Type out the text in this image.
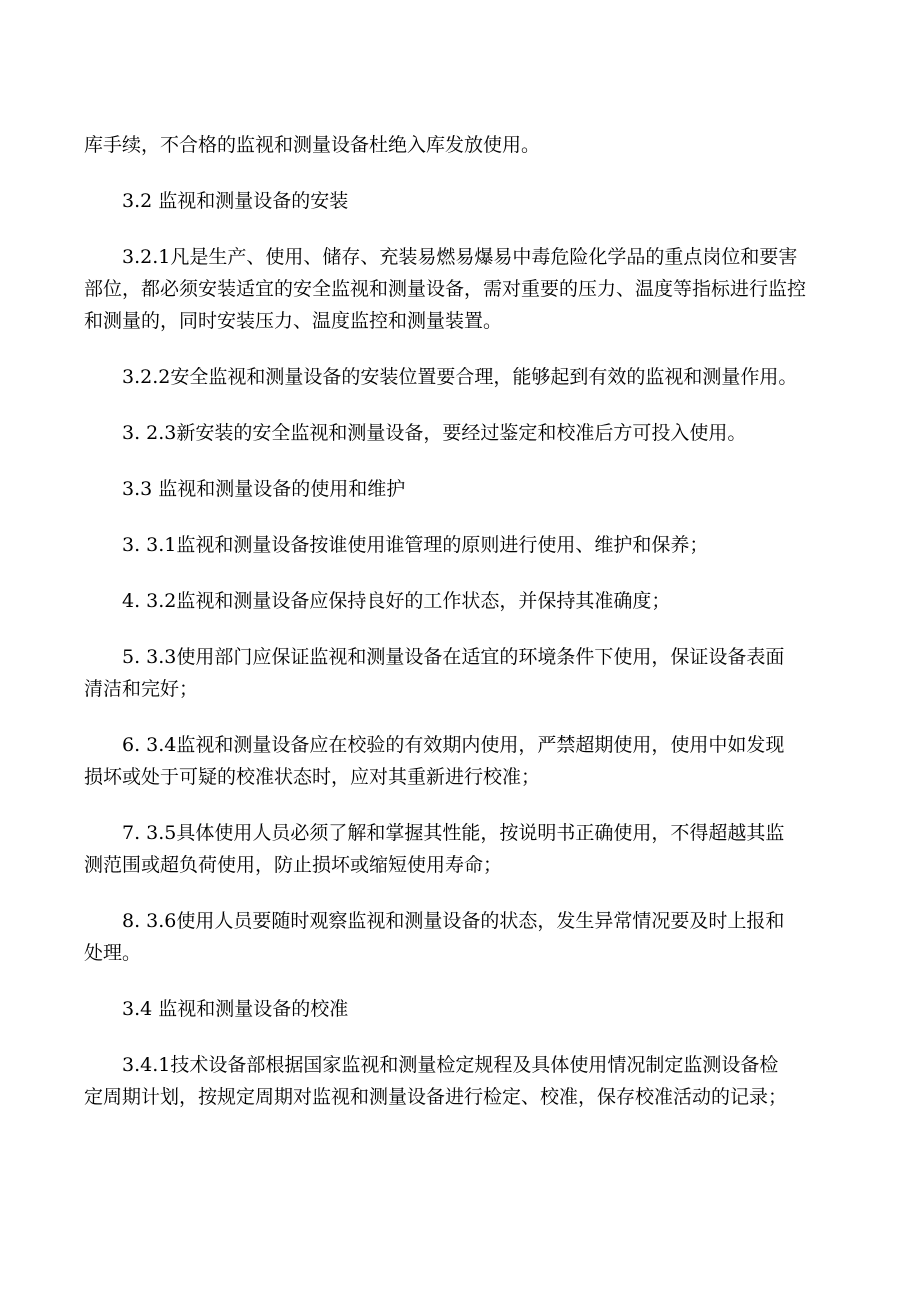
库手续，不合格的监视和测量设备杜绝入库发放使用。

3.2 监视和测量设备的安装

3.2.1凡是生产、使用、储存、充装易燃易爆易中毒危险化学品的重点岗位和要害

部位，都必须安装适宜的安全监视和测量设备，需对重要的压力、温度等指标进行监控

和测量的，同时安装压力、温度监控和测量装置。

3.2.2安全监视和测量设备的安装位置要合理，能够起到有效的监视和测量作用。

3. 2.3新安装的安全监视和测量设备，要经过鉴定和校准后方可投入使用。

3.3 监视和测量设备的使用和维护

3. 3.1监视和测量设备按谁使用谁管理的原则进行使用、维护和保养；

4. 3.2监视和测量设备应保持良好的工作状态，并保持其准确度；

5. 3.3使用部门应保证监视和测量设备在适宜的环境条件下使用，保证设备表面

清洁和完好；

6. 3.4监视和测量设备应在校验的有效期内使用，严禁超期使用，使用中如发现

损坏或处于可疑的校准状态时，应对其重新进行校准；

7. 3.5具体使用人员必须了解和掌握其性能，按说明书正确使用，不得超越其监

测范围或超负荷使用，防止损坏或缩短使用寿命；

8. 3.6使用人员要随时观察监视和测量设备的状态，发生异常情况要及时上报和

处理。

3.4 监视和测量设备的校准

3.4.1技术设备部根据国家监视和测量检定规程及具体使用情况制定监测设备检

定周期计划，按规定周期对监视和测量设备进行检定、校准，保存校准活动的记录；
